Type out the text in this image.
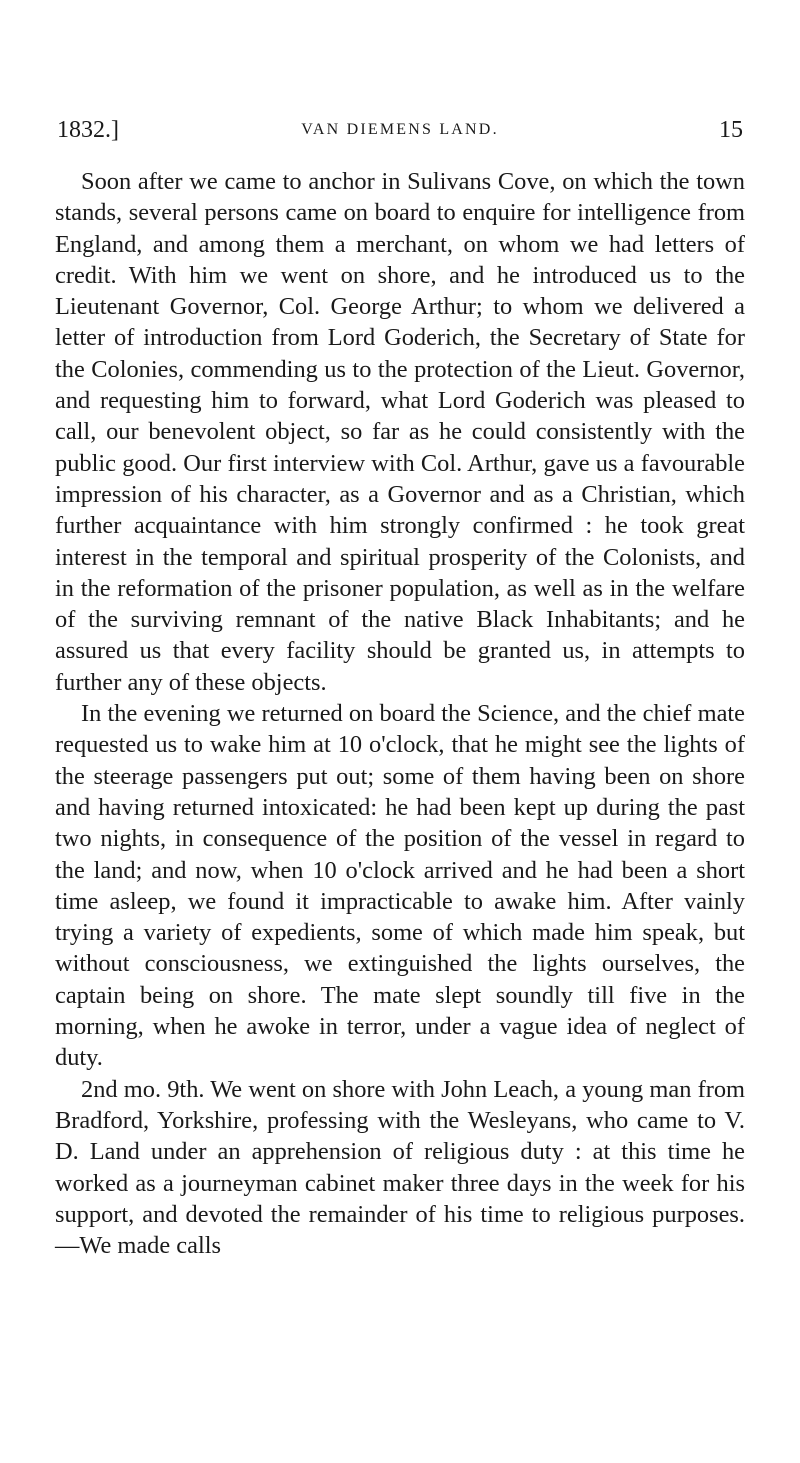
1832.]	VAN DIEMENS LAND.	15

Soon after we came to anchor in Sulivans Cove, on which the town stands, several persons came on board to enquire for intelligence from England, and among them a merchant, on whom we had letters of credit. With him we went on shore, and he introduced us to the Lieutenant Governor, Col. George Arthur; to whom we delivered a letter of introduction from Lord Goderich, the Secretary of State for the Colonies, commending us to the protection of the Lieut. Governor, and requesting him to forward, what Lord Goderich was pleased to call, our benevolent object, so far as he could consistently with the public good. Our first interview with Col. Arthur, gave us a favourable impression of his character, as a Governor and as a Christian, which further acquaintance with him strongly confirmed : he took great interest in the temporal and spiritual prosperity of the Colonists, and in the reformation of the prisoner population, as well as in the welfare of the surviving remnant of the native Black Inhabitants; and he assured us that every facility should be granted us, in attempts to further any of these objects.

In the evening we returned on board the Science, and the chief mate requested us to wake him at 10 o'clock, that he might see the lights of the steerage passengers put out; some of them having been on shore and having returned intoxicated: he had been kept up during the past two nights, in consequence of the position of the vessel in regard to the land; and now, when 10 o'clock arrived and he had been a short time asleep, we found it impracticable to awake him. After vainly trying a variety of expedients, some of which made him speak, but without consciousness, we extinguished the lights ourselves, the captain being on shore. The mate slept soundly till five in the morning, when he awoke in terror, under a vague idea of neglect of duty.

2nd mo. 9th. We went on shore with John Leach, a young man from Bradford, Yorkshire, professing with the Wesleyans, who came to V. D. Land under an apprehension of religious duty : at this time he worked as a journeyman cabinet maker three days in the week for his support, and devoted the remainder of his time to religious purposes.—We made calls
